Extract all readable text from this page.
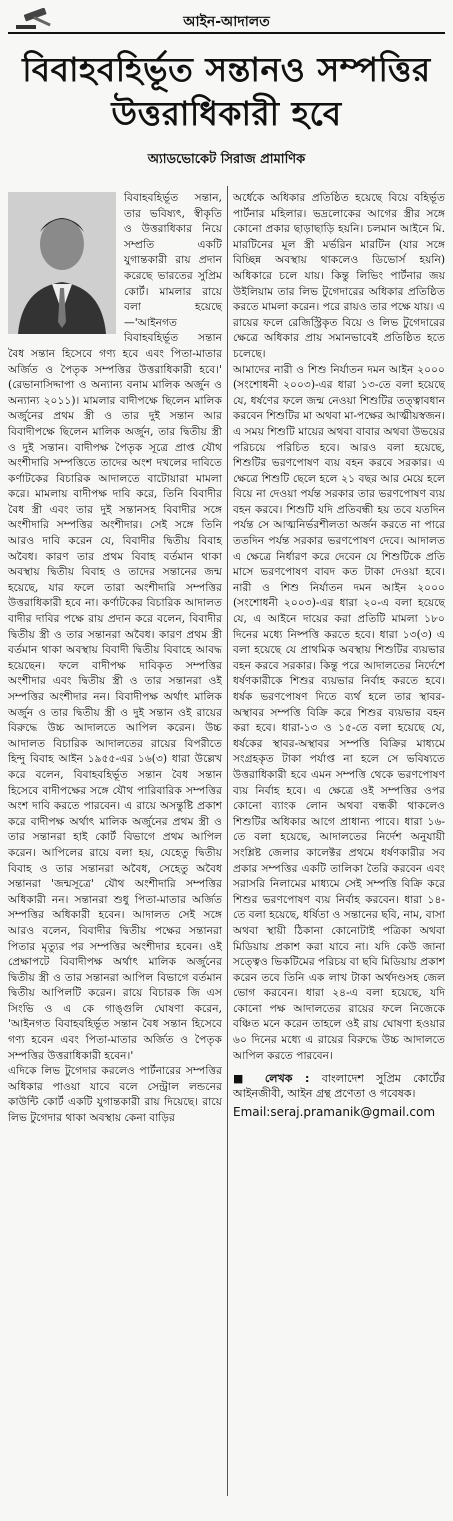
আইন-আদালত
বিবাহবহির্ভূত সন্তানও সম্পত্তির
উত্তরাধিকারী হবে
অ্যাডভোকেট সিরাজ প্রামাণিক

বিবাহবহির্ভূত সন্তান, তার ভবিষ্যৎ, স্বীকৃতি ও উত্তরাধিকার নিয়ে সম্প্রতি একটি যুগান্তকারী রায় প্রদান করেছে ভারতের সুপ্রিম কোর্ট। মামলার রায়ে বলা হয়েছে—'আইনগত বিবাহবহির্ভূত সন্তান বৈধ সন্তান হিসেবে গণ্য হবে এবং পিতা-মাতার অর্জিত ও পৈতৃক সম্পত্তির উত্তরাধিকারী হবে।' (রেভানাসিদ্দাপা ও অন্যান্য বনাম মালিক অর্জুন ও অন্যান্য ২০১১)। মামলার বাদীপক্ষে ছিলেন মালিক অর্জুনের প্রথম স্ত্রী ও তার দুই সন্তান আর বিবাদীপক্ষে ছিলেন মালিক অর্জুন, তার দ্বিতীয় স্ত্রী ও দুই সন্তান। বাদীপক্ষ পৈতৃক সূত্রে প্রাপ্ত যৌথ অংশীদারি সম্পত্তিতে তাদের অংশ দখলের দাবিতে কর্ণাটকের বিচারিক আদালতে বাটোয়ারা মামলা করে। মামলায় বাদীপক্ষ দাবি করে, তিনি বিবাদীর বৈধ স্ত্রী এবং তার দুই সন্তানসহ বিবাদীর সঙ্গে অংশীদারি সম্পত্তির অংশীদার। সেই সঙ্গে তিনি আরও দাবি করেন যে, বিবাদীর দ্বিতীয় বিবাহ অবৈধ। কারণ তার প্রথম বিবাহ বর্তমান থাকা অবস্থায় দ্বিতীয় বিবাহ ও তাদের সন্তানের জন্ম হয়েছে, যার ফলে তারা অংশীদারি সম্পত্তির উত্তরাধিকারী হবে না। কর্ণাটকের বিচারিক আদালত বাদীর দাবির পক্ষে রায় প্রদান করে বলেন, বিবাদীর দ্বিতীয় স্ত্রী ও তার সন্তানরা অবৈধ। কারণ প্রথম স্ত্রী বর্তমান থাকা অবস্থায় বিবাদী দ্বিতীয় বিবাহে আবদ্ধ হয়েছেন। ফলে বাদীপক্ষ দাবিকৃত সম্পত্তির অংশীদার এবং দ্বিতীয় স্ত্রী ও তার সন্তানরা ওই সম্পত্তির অংশীদার নন। বিবাদীপক্ষ অর্থাৎ মালিক অর্জুন ও তার দ্বিতীয় স্ত্রী ও দুই সন্তান ওই রায়ের বিরুদ্ধে উচ্চ আদালতে আপিল করেন। উচ্চ আদালত বিচারিক আদালতের রায়ের বিপরীতে হিন্দু বিবাহ আইন ১৯৫৫-এর ১৬(৩) ধারা উল্লেখ করে বলেন, বিবাহবহির্ভূত সন্তান বৈধ সন্তান হিসেবে বাদীপক্ষের সঙ্গে যৌথ পারিবারিক সম্পত্তির অংশ দাবি করতে পারবেন। এ রায়ে অসন্তুষ্টি প্রকাশ করে বাদীপক্ষ অর্থাৎ মালিক অর্জুনের প্রথম স্ত্রী ও তার সন্তানরা হাই কোর্ট বিভাগে প্রথম আপিল করেন। আপিলের রায়ে বলা হয়, যেহেতু দ্বিতীয় বিবাহ ও তার সন্তানরা অবৈধ, সেহেতু অবৈধ সন্তানরা 'জন্মসূত্রে' যৌথ অংশীদারি সম্পত্তির অধিকারী নন। সন্তানরা শুধু পিতা-মাতার অর্জিত সম্পত্তির অধিকারী হবেন। আদালত সেই সঙ্গে আরও বলেন, বিবাদীর দ্বিতীয় পক্ষের সন্তানরা পিতার মৃত্যুর পর সম্পত্তির অংশীদার হবেন। ওই প্রেক্ষাপটে বিবাদীপক্ষ অর্থাৎ মালিক অর্জুনের দ্বিতীয় স্ত্রী ও তার সন্তানরা আপিল বিভাগে বর্তমান দ্বিতীয় আপিলটি করেন। রায়ে বিচারক জি এস সিংভি ও এ কে গাঙ্গুলি ঘোষণা করেন, 'আইনগত বিবাহবহির্ভূত সন্তান বৈধ সন্তান হিসেবে গণ্য হবেন এবং পিতা-মাতার অর্জিত ও পৈতৃক সম্পত্তির উত্তরাধিকারী হবেন।'

এদিকে লিভ টুগেদার করলেও পার্টনারের সম্পত্তির অধিকার পাওয়া যাবে বলে সেন্ট্রাল লন্ডনের কাউন্টি কোর্ট একটি যুগান্তকারী রায় দিয়েছে। রায়ে লিভ টুগেদার থাকা অবস্থায় কেনা বাড়ির

অর্ধেকে অধিকার প্রতিষ্ঠিত হয়েছে বিয়ে বহির্ভূত পার্টনার মহিলার। ভদ্রলোকের আগের স্ত্রীর সঙ্গে কোনো প্রকার ছাড়াছাড়ি হয়নি। চলমান আইনে মি. মারটিনের মূল স্ত্রী মর্ভরিন মারটিন (যার সঙ্গে বিচ্ছিন্ন অবস্থায় থাকলেও ডিভোর্স হয়নি) অধিকারে চলে যায়। কিন্তু লিভিং পার্টনার জয় উইলিয়াম তার লিভ টুগেদারের অধিকার প্রতিষ্ঠিত করতে মামলা করেন। পরে রায়ও তার পক্ষে যায়। এ রায়ের ফলে রেজিস্ট্রিকৃত বিয়ে ও লিভ টুগেদারের ক্ষেত্রে অধিকার প্রায় সমানভাবেই প্রতিষ্ঠিত হতে চলেছে।

আমাদের নারী ও শিশু নির্যাতন দমন আইন ২০০০ (সংশোধনী ২০০৩)-এর ধারা ১৩-তে বলা হয়েছে যে, ধর্ষণের ফলে জন্ম নেওয়া শিশুটির তত্ত্বাবধান করবেন শিশুটির মা অথবা মা-পক্ষের আত্মীয়স্বজন। এ সময় শিশুটি মায়ের অথবা বাবার অথবা উভয়ের পরিচয়ে পরিচিত হবে। আরও বলা হয়েছে, শিশুটির ভরণপোষণ ব্যয় বহন করবে সরকার। এ ক্ষেত্রে শিশুটি ছেলে হলে ২১ বছর আর মেয়ে হলে বিয়ে না দেওয়া পর্যন্ত সরকার তার ভরণপোষণ ব্যয় বহন করবে। শিশুটি যদি প্রতিবন্ধী হয় তবে যতদিন পর্যন্ত সে আত্মনির্ভরশীলতা অর্জন করতে না পারে ততদিন পর্যন্ত সরকার ভরণপোষণ দেবে। আদালত এ ক্ষেত্রে নির্ধারণ করে দেবেন যে শিশুটিকে প্রতি মাসে ভরণপোষণ বাবদ কত টাকা দেওয়া হবে। নারী ও শিশু নির্যাতন দমন আইন ২০০০ (সংশোধনী ২০০৩)-এর ধারা ২০-এ বলা হয়েছে যে, এ আইনে দায়ের করা প্রতিটি মামলা ১৮০ দিনের মধ্যে নিষ্পত্তি করতে হবে। ধারা ১৩(৩) এ বলা হয়েছে যে প্রাথমিক অবস্থায় শিশুটির ব্যয়ভার বহন করবে সরকার। কিন্তু পরে আদালতের নির্দেশে ধর্ষণকারীকে শিশুর ব্যয়ভার নির্বাহ করতে হবে। ধর্ষক ভরণপোষণ দিতে ব্যর্থ হলে তার স্থাবর-অস্থাবর সম্পত্তি বিক্রি করে শিশুর ব্যয়ভার বহন করা হবে। ধারা-১৩ ও ১৫-তে বলা হয়েছে যে, ধর্ষকের স্থাবর-অস্থাবর সম্পত্তি বিক্রির মাধ্যমে সংগ্রহকৃত টাকা পর্যাপ্ত না হলে সে ভবিষ্যতে উত্তরাধিকারী হবে এমন সম্পত্তি থেকে ভরণপোষণ ব্যয় নির্বাহ হবে। এ ক্ষেত্রে ওই সম্পত্তির ওপর কোনো ব্যাংক লোন অথবা বন্ধকী থাকলেও শিশুটির অধিকার আগে প্রাধান্য পাবে। ধারা ১৬-তে বলা হয়েছে, আদালতের নির্দেশ অনুযায়ী সংশ্লিষ্ট জেলার কালেক্টর প্রথমে ধর্ষণকারীর সব প্রকার সম্পত্তির একটি তালিকা তৈরি করবেন এবং সরাসরি নিলামের মাধ্যমে সেই সম্পত্তি বিক্রি করে শিশুর ভরণপোষণ ব্যয় নির্বাহ করবেন। ধারা ১৪-তে বলা হয়েছে, ধর্ষিতা ও সন্তানের ছবি, নাম, বাসা অথবা স্থায়ী ঠিকানা কোনোটাই পত্রিকা অথবা মিডিয়ায় প্রকাশ করা যাবে না। যদি কেউ জানা সত্ত্বেও ভিকটিমের পরিচয় বা ছবি মিডিয়ায় প্রকাশ করেন তবে তিনি এক লাখ টাকা অর্থদণ্ডসহ জেল ভোগ করবেন। ধারা ২৪-এ বলা হয়েছে, যদি কোনো পক্ষ আদালতের রায়ের ফলে নিজেকে বঞ্চিত মনে করেন তাহলে ওই রায় ঘোষণা হওয়ার ৬০ দিনের মধ্যে এ রায়ের বিরুদ্ধে উচ্চ আদালতে আপিল করতে পারবেন।

■ লেখক : বাংলাদেশ সুপ্রিম কোর্টের আইনজীবী, আইন গ্রন্থ প্রণেতা ও গবেষক।
Email:seraj.pramanik@gmail.com
